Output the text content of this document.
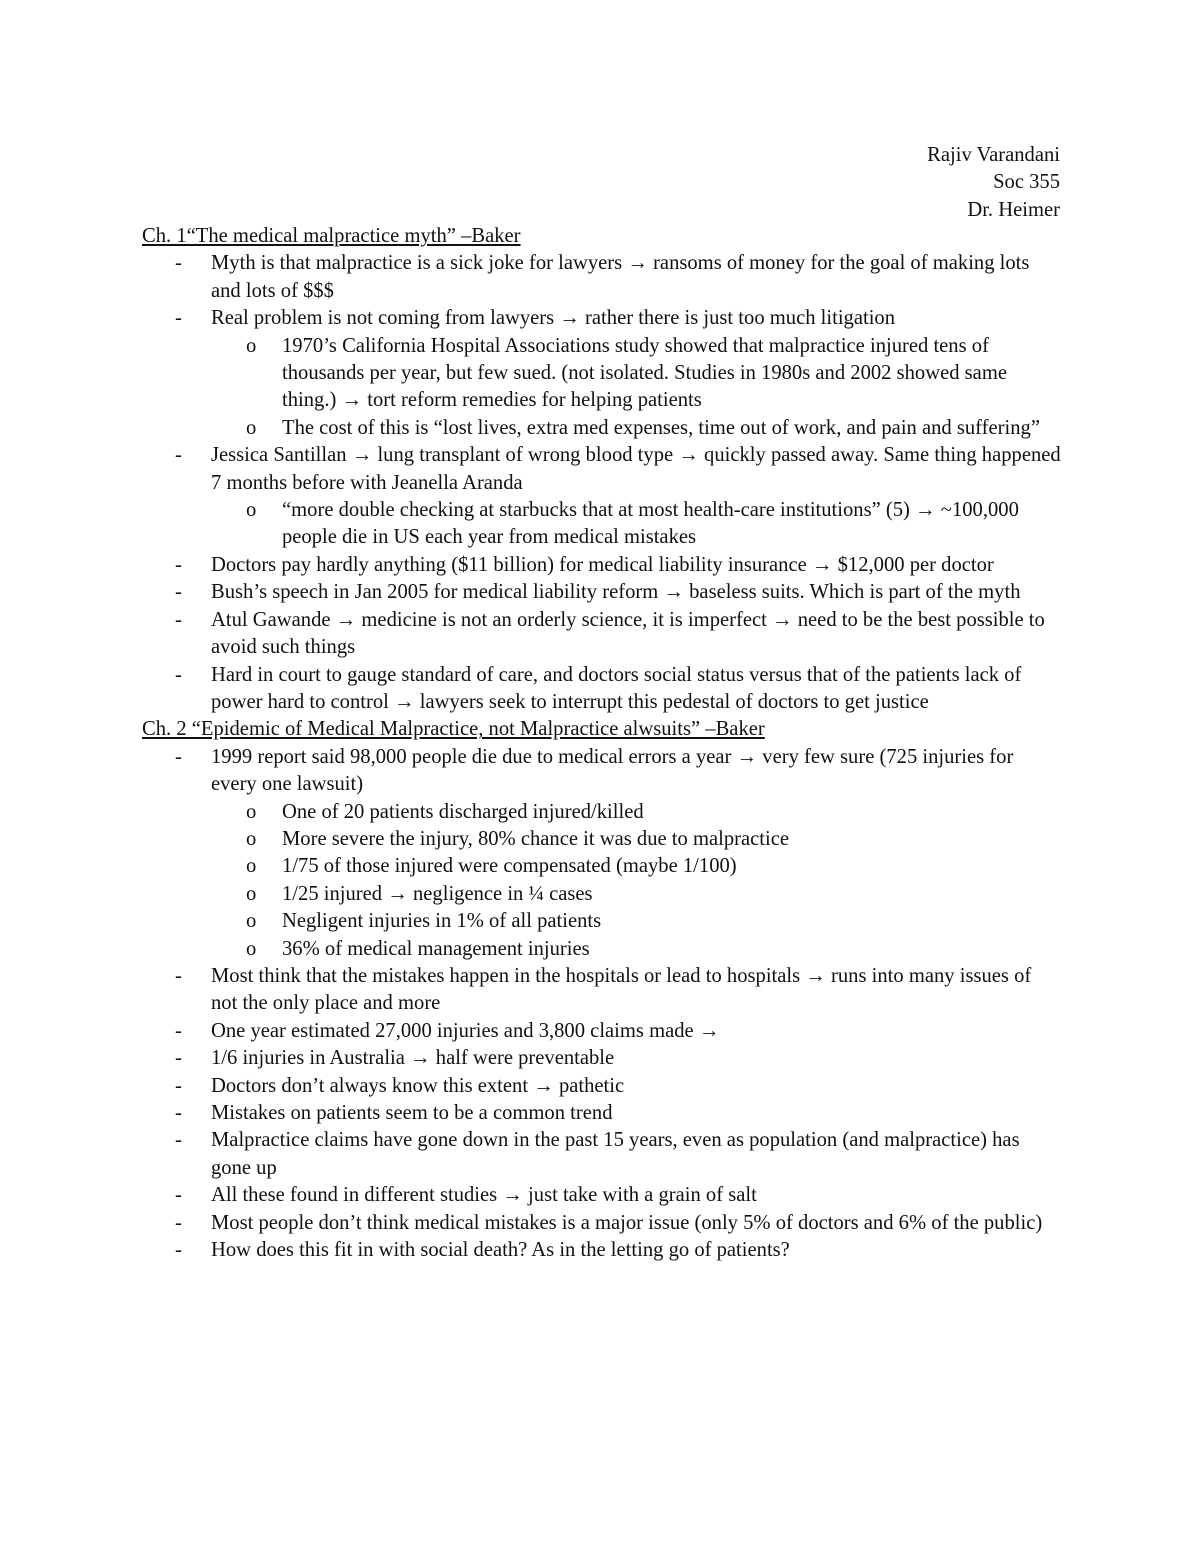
Rajiv Varandani
Soc 355
Dr. Heimer
Ch. 1“The medical malpractice myth” –Baker
- Myth is that malpractice is a sick joke for lawyers → ransoms of money for the goal of making lots and lots of $$$
- Real problem is not coming from lawyers → rather there is just too much litigation
o 1970’s California Hospital Associations study showed that malpractice injured tens of thousands per year, but few sued. (not isolated. Studies in 1980s and 2002 showed same thing.) → tort reform remedies for helping patients
o The cost of this is “lost lives, extra med expenses, time out of work, and pain and suffering”
- Jessica Santillan → lung transplant of wrong blood type → quickly passed away. Same thing happened 7 months before with Jeanella Aranda
o “more double checking at starbucks that at most health-care institutions” (5) → ~100,000 people die in US each year from medical mistakes
- Doctors pay hardly anything ($11 billion) for medical liability insurance → $12,000 per doctor
- Bush’s speech in Jan 2005 for medical liability reform → baseless suits. Which is part of the myth
- Atul Gawande → medicine is not an orderly science, it is imperfect → need to be the best possible to avoid such things
- Hard in court to gauge standard of care, and doctors social status versus that of the patients lack of power hard to control → lawyers seek to interrupt this pedestal of doctors to get justice
Ch. 2 “Epidemic of Medical Malpractice, not Malpractice alwsuits” –Baker
- 1999 report said 98,000 people die due to medical errors a year → very few sure (725 injuries for every one lawsuit)
o One of 20 patients discharged injured/killed
o More severe the injury, 80% chance it was due to malpractice
o 1/75 of those injured were compensated (maybe 1/100)
o 1/25 injured → negligence in ¼ cases
o Negligent injuries in 1% of all patients
o 36% of medical management injuries
- Most think that the mistakes happen in the hospitals or lead to hospitals → runs into many issues of not the only place and more
- One year estimated 27,000 injuries and 3,800 claims made →
- 1/6 injuries in Australia → half were preventable
- Doctors don’t always know this extent → pathetic
- Mistakes on patients seem to be a common trend
- Malpractice claims have gone down in the past 15 years, even as population (and malpractice) has gone up
- All these found in different studies → just take with a grain of salt
- Most people don’t think medical mistakes is a major issue (only 5% of doctors and 6% of the public)
- How does this fit in with social death? As in the letting go of patients?
